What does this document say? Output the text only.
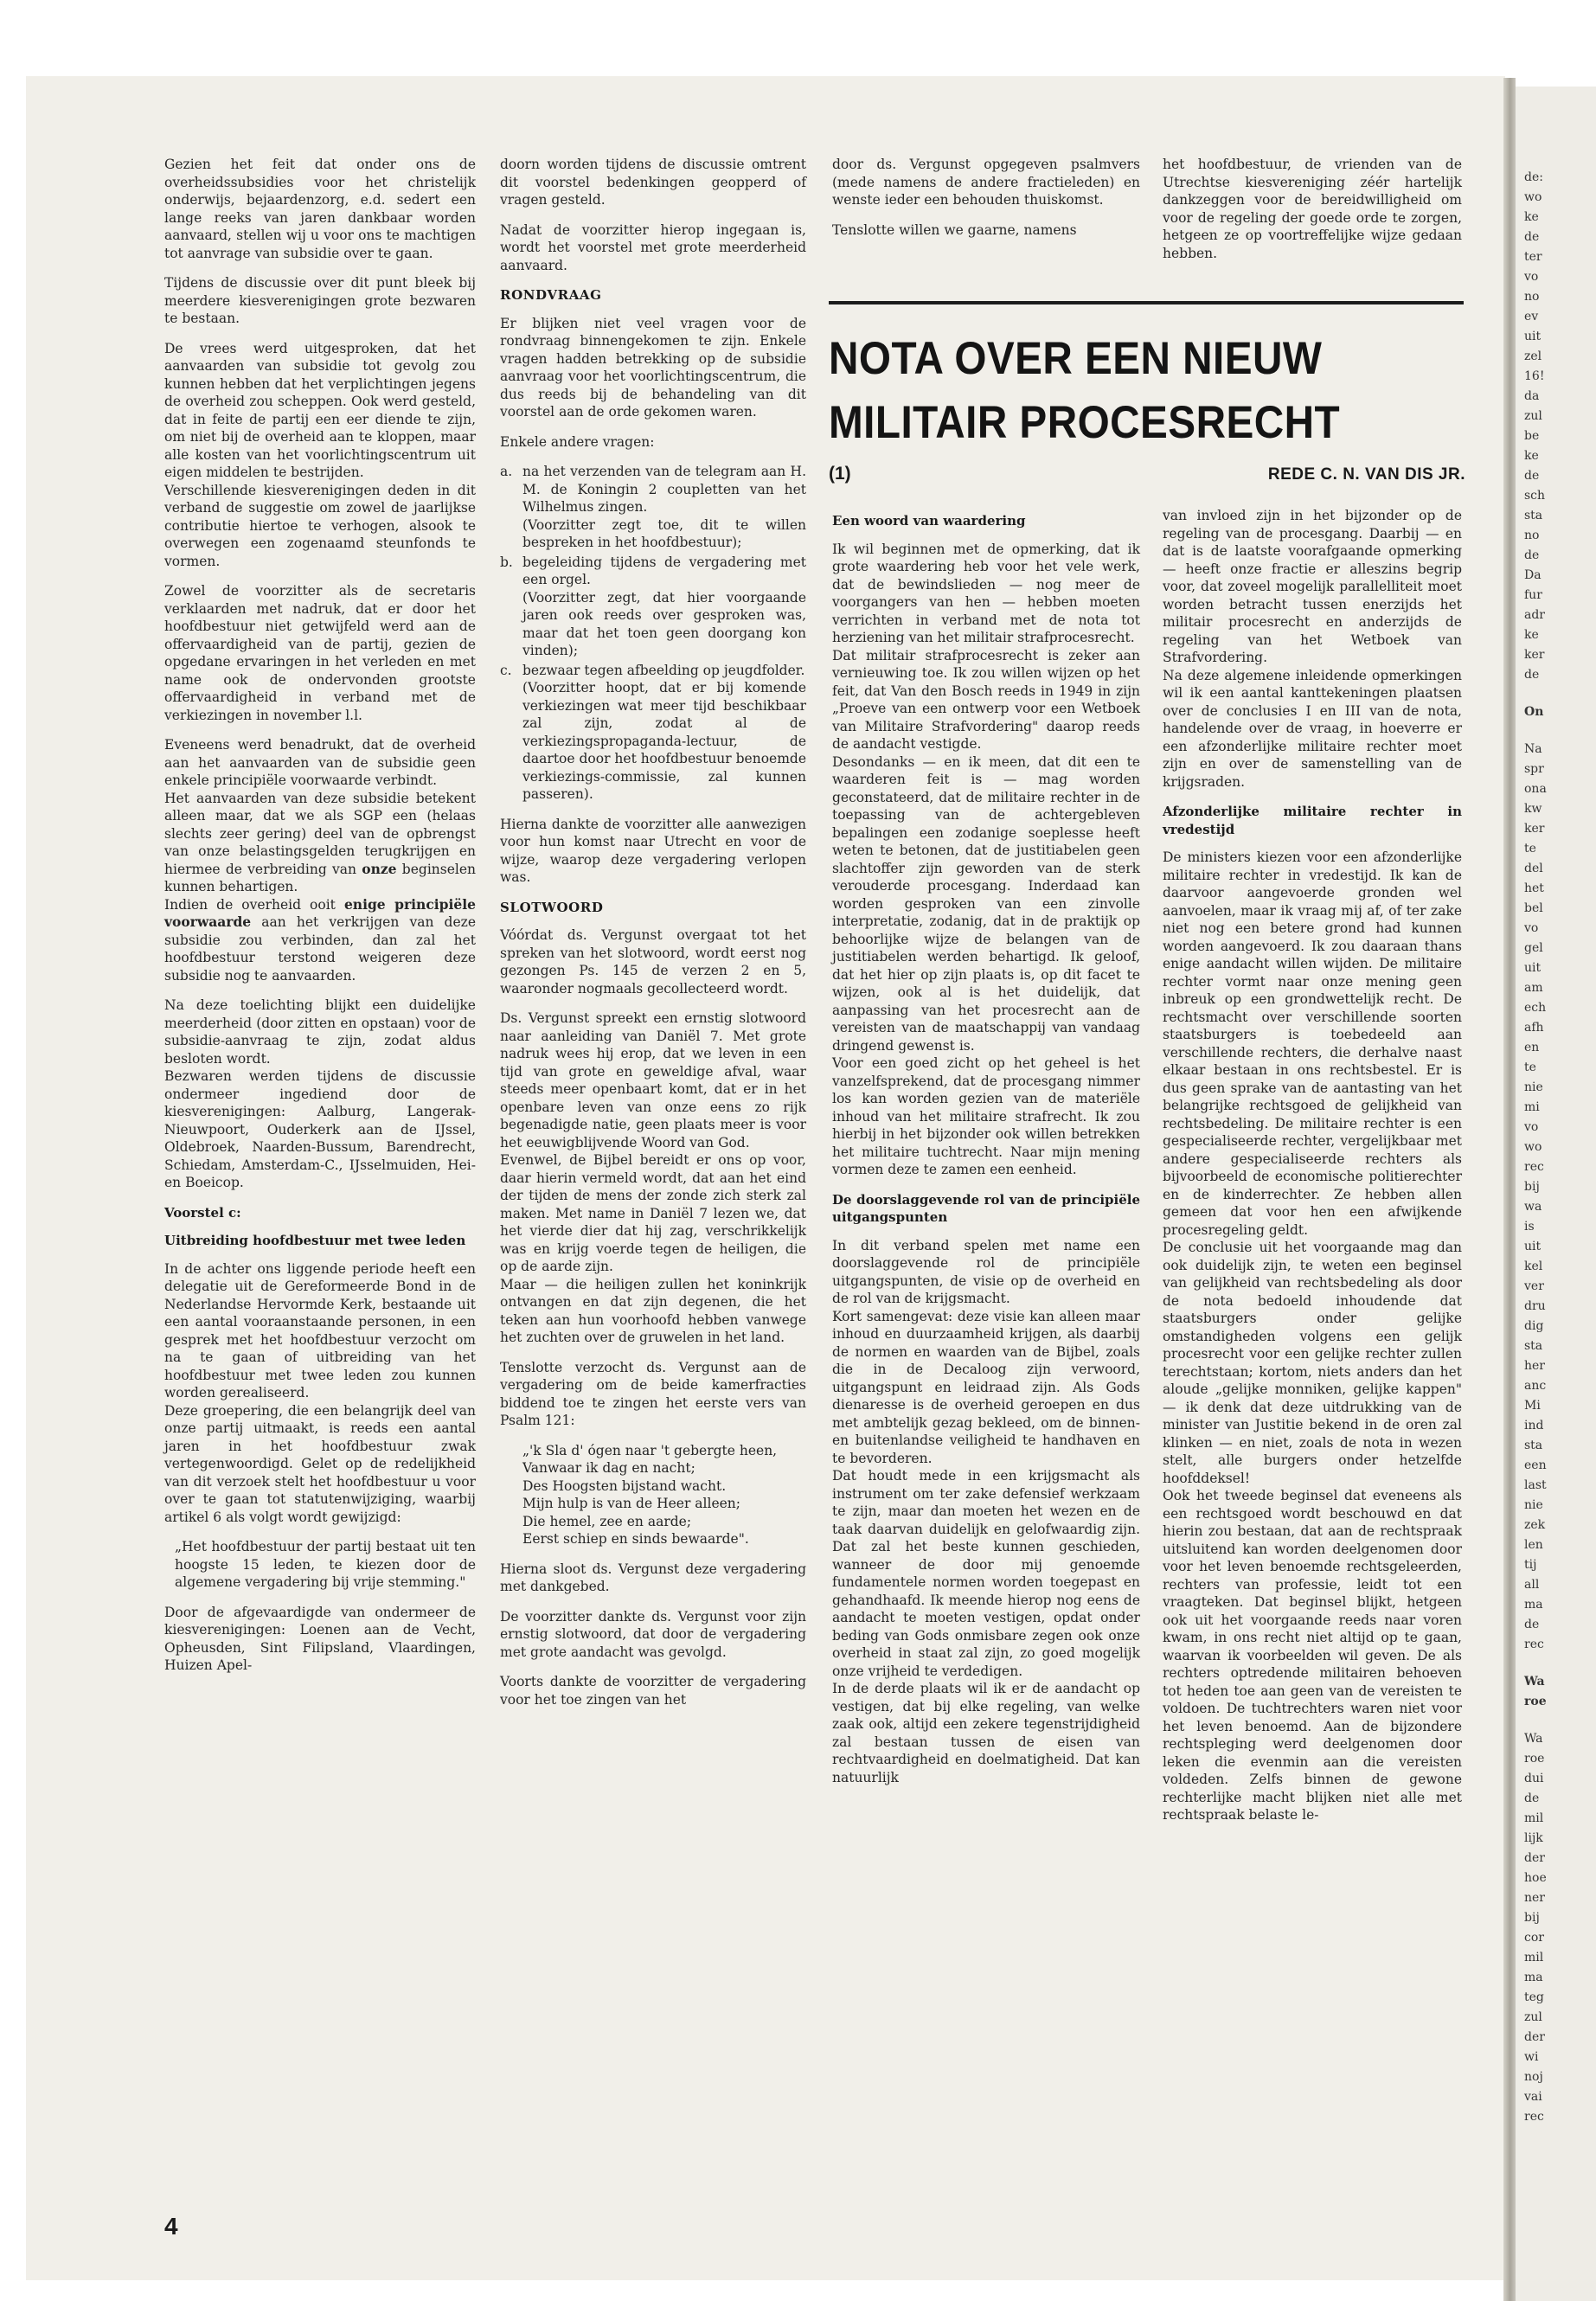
de:
wo
ke
de
ter
vo
no
ev
uit
zel
16!
da
zul
be
ke
de
sch
sta
no
de
Da
fur
adr
ke
ker
de
On
Na
spr
ona
kw
ker
te
del
het
bel
vo
gel
uit
am
ech
afh
en
te
nie
mi
vo
wo
rec
bij
wa
is
uit
kel
ver
dru
dig
sta
her
anc
Mi
ind
sta
een
last
nie
zek
len
tij
all
ma
de
rec
Wa
roe
Wa
roe
dui
de
mil
lijk
der
hoe
ner
bij
cor
mil
ma
teg
zul
der
wi
noj
vai
rec

Gezien het feit dat onder ons de overheidssubsidies voor het christelijk onderwijs, bejaardenzorg, e.d. sedert een lange reeks van jaren dankbaar worden aanvaard, stellen wij u voor ons te machtigen tot aanvrage van subsidie over te gaan.

Tijdens de discussie over dit punt bleek bij meerdere kiesverenigingen grote bezwaren te bestaan.

De vrees werd uitgesproken, dat het aanvaarden van subsidie tot gevolg zou kunnen hebben dat het verplichtingen jegens de overheid zou scheppen. Ook werd gesteld, dat in feite de partij een eer diende te zijn, om niet bij de overheid aan te kloppen, maar alle kosten van het voorlichtingscentrum uit eigen middelen te bestrijden.
Verschillende kiesverenigingen deden in dit verband de suggestie om zowel de jaarlijkse contributie hiertoe te verhogen, alsook te overwegen een zogenaamd steunfonds te vormen.

Zowel de voorzitter als de secretaris verklaarden met nadruk, dat er door het hoofdbestuur niet getwijfeld werd aan de offervaardigheid van de partij, gezien de opgedane ervaringen in het verleden en met name ook de ondervonden grootste offervaardigheid in verband met de verkiezingen in november l.l.

Eveneens werd benadrukt, dat de overheid aan het aanvaarden van de subsidie geen enkele principiële voorwaarde verbindt.
Het aanvaarden van deze subsidie betekent alleen maar, dat we als SGP een (helaas slechts zeer gering) deel van de opbrengst van onze belastingsgelden terugkrijgen en hiermee de verbreiding van onze beginselen kunnen behartigen.
Indien de overheid ooit enige principiële voorwaarde aan het verkrijgen van deze subsidie zou verbinden, dan zal het hoofdbestuur terstond weigeren deze subsidie nog te aanvaarden.

Na deze toelichting blijkt een duidelijke meerderheid (door zitten en opstaan) voor de subsidie-aanvraag te zijn, zodat aldus besloten wordt.
Bezwaren werden tijdens de discussie ondermeer ingediend door de kiesverenigingen: Aalburg, Langerak-Nieuwpoort, Ouderkerk aan de IJssel, Oldebroek, Naarden-Bussum, Barendrecht, Schiedam, Amsterdam-C., IJsselmuiden, Hei- en Boeicop.

Voorstel c:
Uitbreiding hoofdbestuur met twee leden

In de achter ons liggende periode heeft een delegatie uit de Gereformeerde Bond in de Nederlandse Hervormde Kerk, bestaande uit een aantal vooraanstaande personen, in een gesprek met het hoofdbestuur verzocht om na te gaan of uitbreiding van het hoofdbestuur met twee leden zou kunnen worden gerealiseerd.
Deze groepering, die een belangrijk deel van onze partij uitmaakt, is reeds een aantal jaren in het hoofdbestuur zwak vertegenwoordigd. Gelet op de redelijkheid van dit verzoek stelt het hoofdbestuur u voor over te gaan tot statutenwijziging, waarbij artikel 6 als volgt wordt gewijzigd:

„Het hoofdbestuur der partij bestaat uit ten hoogste 15 leden, te kiezen door de algemene vergadering bij vrije stemming."

Door de afgevaardigde van ondermeer de kiesverenigingen: Loenen aan de Vecht, Opheusden, Sint Filipsland, Vlaardingen, Huizen Apel-

doorn worden tijdens de discussie omtrent dit voorstel bedenkingen geopperd of vragen gesteld.

Nadat de voorzitter hierop ingegaan is, wordt het voorstel met grote meerderheid aanvaard.

RONDVRAAG

Er blijken niet veel vragen voor de rondvraag binnengekomen te zijn. Enkele vragen hadden betrekking op de subsidie aanvraag voor het voorlichtingscentrum, die dus reeds bij de behandeling van dit voorstel aan de orde gekomen waren.

Enkele andere vragen:

a. na het verzenden van de telegram aan H. M. de Koningin 2 coupletten van het Wilhelmus zingen.
(Voorzitter zegt toe, dit te willen bespreken in het hoofdbestuur);
b. begeleiding tijdens de vergadering met een orgel.
(Voorzitter zegt, dat hier voorgaande jaren ook reeds over gesproken was, maar dat het toen geen doorgang kon vinden);
c. bezwaar tegen afbeelding op jeugdfolder.
(Voorzitter hoopt, dat er bij komende verkiezingen wat meer tijd beschikbaar zal zijn, zodat al de verkiezingspropaganda-lectuur, de daartoe door het hoofdbestuur benoemde verkiezings-commissie, zal kunnen passeren).

Hierna dankte de voorzitter alle aanwezigen voor hun komst naar Utrecht en voor de wijze, waarop deze vergadering verlopen was.

SLOTWOORD

Vóórdat ds. Vergunst overgaat tot het spreken van het slotwoord, wordt eerst nog gezongen Ps. 145 de verzen 2 en 5, waaronder nogmaals gecollecteerd wordt.

Ds. Vergunst spreekt een ernstig slotwoord naar aanleiding van Daniël 7. Met grote nadruk wees hij erop, dat we leven in een tijd van grote en geweldige afval, waar steeds meer openbaart komt, dat er in het openbare leven van onze eens zo rijk begenadigde natie, geen plaats meer is voor het eeuwigblijvende Woord van God.
Evenwel, de Bijbel bereidt er ons op voor, daar hierin vermeld wordt, dat aan het eind der tijden de mens der zonde zich sterk zal maken. Met name in Daniël 7 lezen we, dat het vierde dier dat hij zag, verschrikkelijk was en krijg voerde tegen de heiligen, die op de aarde zijn.
Maar — die heiligen zullen het koninkrijk ontvangen en dat zijn degenen, die het teken aan hun voorhoofd hebben vanwege het zuchten over de gruwelen in het land.

Tenslotte verzocht ds. Vergunst aan de vergadering om de beide kamerfracties biddend toe te zingen het eerste vers van Psalm 121:

„'k Sla d' ógen naar 't gebergte heen,
Vanwaar ik dag en nacht;
Des Hoogsten bijstand wacht.
Mijn hulp is van de Heer alleen;
Die hemel, zee en aarde;
Eerst schiep en sinds bewaarde".

Hierna sloot ds. Vergunst deze vergadering met dankgebed.

De voorzitter dankte ds. Vergunst voor zijn ernstig slotwoord, dat door de vergadering met grote aandacht was gevolgd.

Voorts dankte de voorzitter de vergadering voor het toe zingen van het

door ds. Vergunst opgegeven psalmvers (mede namens de andere fractieleden) en wenste ieder een behouden thuiskomst.

Tenslotte willen we gaarne, namens

het hoofdbestuur, de vrienden van de Utrechtse kiesvereniging zéér hartelijk dankzeggen voor de bereidwilligheid om voor de regeling der goede orde te zorgen, hetgeen ze op voortreffelijke wijze gedaan hebben.

NOTA OVER EEN NIEUW
MILITAIR PROCESRECHT
(1)	REDE C. N. VAN DIS JR.
Een woord van waardering

Ik wil beginnen met de opmerking, dat ik grote waardering heb voor het vele werk, dat de bewindslieden — nog meer de voorgangers van hen — hebben moeten verrichten in verband met de nota tot herziening van het militair strafprocesrecht.
Dat militair strafprocesrecht is zeker aan vernieuwing toe. Ik zou willen wijzen op het feit, dat Van den Bosch reeds in 1949 in zijn „Proeve van een ontwerp voor een Wetboek van Militaire Strafvordering" daarop reeds de aandacht vestigde.
Desondanks — en ik meen, dat dit een te waarderen feit is — mag worden geconstateerd, dat de militaire rechter in de toepassing van de achtergebleven bepalingen een zodanige soeplesse heeft weten te betonen, dat de justitiabelen geen slachtoffer zijn geworden van de sterk verouderde procesgang. Inderdaad kan worden gesproken van een zinvolle interpretatie, zodanig, dat in de praktijk op behoorlijke wijze de belangen van de justitiabelen werden behartigd. Ik geloof, dat het hier op zijn plaats is, op dit facet te wijzen, ook al is het duidelijk, dat aanpassing van het procesrecht aan de vereisten van de maatschappij van vandaag dringend gewenst is.
Voor een goed zicht op het geheel is het vanzelfsprekend, dat de procesgang nimmer los kan worden gezien van de materiële inhoud van het militaire strafrecht. Ik zou hierbij in het bijzonder ook willen betrekken het militaire tuchtrecht. Naar mijn mening vormen deze te zamen een eenheid.

De doorslaggevende rol van de principiële uitgangspunten

In dit verband spelen met name een doorslaggevende rol de principiële uitgangspunten, de visie op de overheid en de rol van de krijgsmacht.
Kort samengevat: deze visie kan alleen maar inhoud en duurzaamheid krijgen, als daarbij de normen en waarden van de Bijbel, zoals die in de Decaloog zijn verwoord, uitgangspunt en leidraad zijn. Als Gods dienaresse is de overheid geroepen en dus met ambtelijk gezag bekleed, om de binnen- en buitenlandse veiligheid te handhaven en te bevorderen.
Dat houdt mede in een krijgsmacht als instrument om ter zake defensief werkzaam te zijn, maar dan moeten het wezen en de taak daarvan duidelijk en gelofwaardig zijn. Dat zal het beste kunnen geschieden, wanneer de door mij genoemde fundamentele normen worden toegepast en gehandhaafd. Ik meende hierop nog eens de aandacht te moeten vestigen, opdat onder beding van Gods onmisbare zegen ook onze overheid in staat zal zijn, zo goed mogelijk onze vrijheid te verdedigen.
In de derde plaats wil ik er de aandacht op vestigen, dat bij elke regeling, van welke zaak ook, altijd een zekere tegenstrijdigheid zal bestaan tussen de eisen van rechtvaardigheid en doelmatigheid. Dat kan natuurlijk

van invloed zijn in het bijzonder op de regeling van de procesgang. Daarbij — en dat is de laatste voorafgaande opmerking — heeft onze fractie er alleszins begrip voor, dat zoveel mogelijk parallelliteit moet worden betracht tussen enerzijds het militair procesrecht en anderzijds de regeling van het Wetboek van Strafvordering.
Na deze algemene inleidende opmerkingen wil ik een aantal kanttekeningen plaatsen over de conclusies I en III van de nota, handelende over de vraag, in hoeverre er een afzonderlijke militaire rechter moet zijn en over de samenstelling van de krijgsraden.

Afzonderlijke militaire rechter in vredestijd

De ministers kiezen voor een afzonderlijke militaire rechter in vredestijd. Ik kan de daarvoor aangevoerde gronden wel aanvoelen, maar ik vraag mij af, of ter zake niet nog een betere grond had kunnen worden aangevoerd. Ik zou daaraan thans enige aandacht willen wijden. De militaire rechter vormt naar onze mening geen inbreuk op een grondwettelijk recht. De rechtsmacht over verschillende soorten staatsburgers is toebedeeld aan verschillende rechters, die derhalve naast elkaar bestaan in ons rechtsbestel. Er is dus geen sprake van de aantasting van het belangrijke rechtsgoed de gelijkheid van rechtsbedeling. De militaire rechter is een gespecialiseerde rechter, vergelijkbaar met andere gespecialiseerde rechters als bijvoorbeeld de economische politierechter en de kinderrechter. Ze hebben allen gemeen dat voor hen een afwijkende procesregeling geldt.
De conclusie uit het voorgaande mag dan ook duidelijk zijn, te weten een beginsel van gelijkheid van rechtsbedeling als door de nota bedoeld inhoudende dat staatsburgers onder gelijke omstandigheden volgens een gelijk procesrecht voor een gelijke rechter zullen terechtstaan; kortom, niets anders dan het aloude „gelijke monniken, gelijke kappen" — ik denk dat deze uitdrukking van de minister van Justitie bekend in de oren zal klinken — en niet, zoals de nota in wezen stelt, alle burgers onder hetzelfde hoofddeksel!
Ook het tweede beginsel dat eveneens als een rechtsgoed wordt beschouwd en dat hierin zou bestaan, dat aan de rechtspraak uitsluitend kan worden deelgenomen door voor het leven benoemde rechtsgeleerden, rechters van professie, leidt tot een vraagteken. Dat beginsel blijkt, hetgeen ook uit het voorgaande reeds naar voren kwam, in ons recht niet altijd op te gaan, waarvan ik voorbeelden wil geven. De als rechters optredende militairen behoeven tot heden toe aan geen van de vereisten te voldoen. De tuchtrechters waren niet voor het leven benoemd. Aan de bijzondere rechtspleging werd deelgenomen door leken die evenmin aan die vereisten voldeden. Zelfs binnen de gewone rechterlijke macht blijken niet alle met rechtspraak belaste le-

4
